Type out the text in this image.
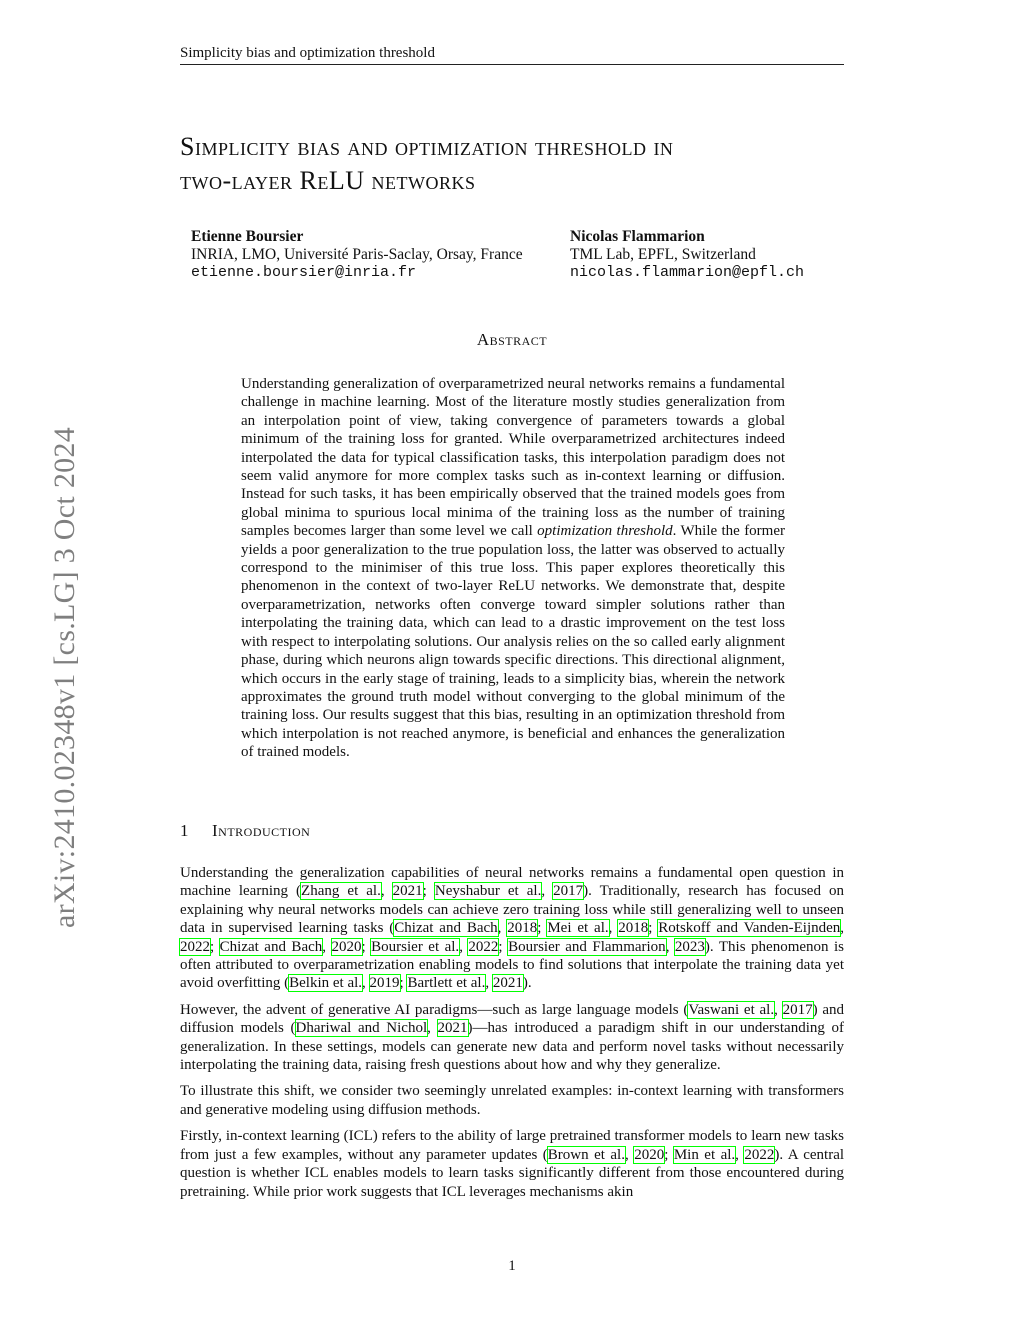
Simplicity bias and optimization threshold
arXiv:2410.02348v1 [cs.LG] 3 Oct 2024
Simplicity bias and optimization threshold in
two-layer ReLU networks
Etienne Boursier
INRIA, LMO, Université Paris-Saclay, Orsay, France
etienne.boursier@inria.fr
Nicolas Flammarion
TML Lab, EPFL, Switzerland
nicolas.flammarion@epfl.ch
Abstract
Understanding generalization of overparametrized neural networks remains a fundamental challenge in machine learning. Most of the literature mostly studies generalization from an interpolation point of view, taking convergence of parameters towards a global minimum of the training loss for granted. While overparametrized architectures indeed interpolated the data for typical classification tasks, this interpolation paradigm does not seem valid anymore for more complex tasks such as in-context learning or diffusion. Instead for such tasks, it has been empirically observed that the trained models goes from global minima to spurious local minima of the training loss as the number of training samples becomes larger than some level we call optimization threshold. While the former yields a poor generalization to the true population loss, the latter was observed to actually correspond to the minimiser of this true loss. This paper explores theoretically this phenomenon in the context of two-layer ReLU networks. We demonstrate that, despite overparametrization, networks often converge toward simpler solutions rather than interpolating the training data, which can lead to a drastic improvement on the test loss with respect to interpolating solutions. Our analysis relies on the so called early alignment phase, during which neurons align towards specific directions. This directional alignment, which occurs in the early stage of training, leads to a simplicity bias, wherein the network approximates the ground truth model without converging to the global minimum of the training loss. Our results suggest that this bias, resulting in an optimization threshold from which interpolation is not reached anymore, is beneficial and enhances the generalization of trained models.
1 Introduction

Understanding the generalization capabilities of neural networks remains a fundamental open question in machine learning (Zhang et al., 2021; Neyshabur et al., 2017). Traditionally, research has focused on explaining why neural networks models can achieve zero training loss while still generalizing well to unseen data in supervised learning tasks (Chizat and Bach, 2018; Mei et al., 2018; Rotskoff and Vanden-Eijnden, 2022; Chizat and Bach, 2020; Boursier et al., 2022; Boursier and Flammarion, 2023). This phenomenon is often attributed to overparametrization enabling models to find solutions that interpolate the training data yet avoid overfitting (Belkin et al., 2019; Bartlett et al., 2021).

However, the advent of generative AI paradigms—such as large language models (Vaswani et al., 2017) and diffusion models (Dhariwal and Nichol, 2021)—has introduced a paradigm shift in our understanding of generalization. In these settings, models can generate new data and perform novel tasks without necessarily interpolating the training data, raising fresh questions about how and why they generalize.

To illustrate this shift, we consider two seemingly unrelated examples: in-context learning with transformers and generative modeling using diffusion methods.

Firstly, in-context learning (ICL) refers to the ability of large pretrained transformer models to learn new tasks from just a few examples, without any parameter updates (Brown et al., 2020; Min et al., 2022). A central question is whether ICL enables models to learn tasks significantly different from those encountered during pretraining. While prior work suggests that ICL leverages mechanisms akin

1
